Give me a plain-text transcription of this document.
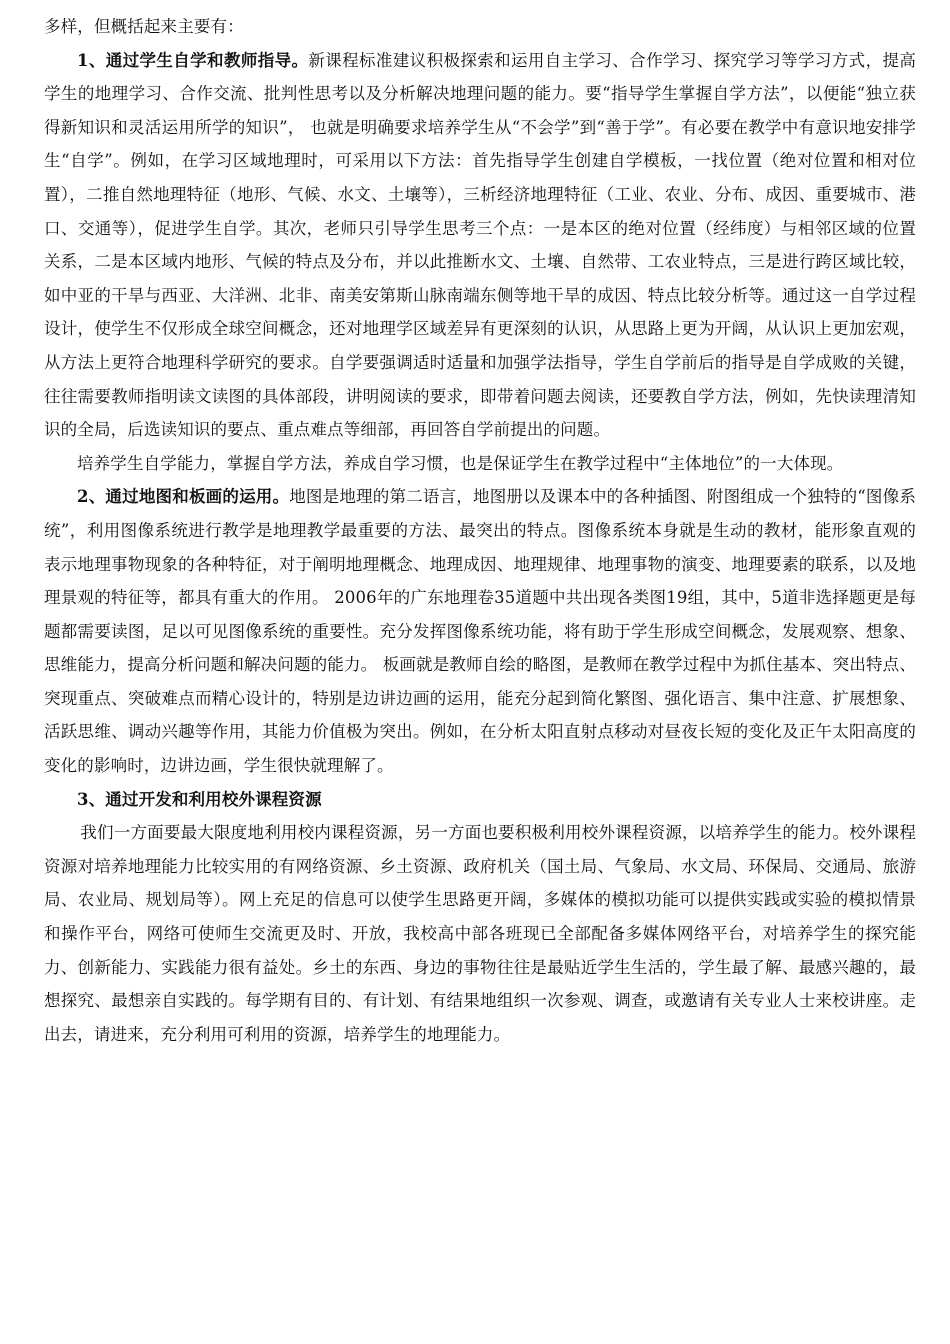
多样，但概括起来主要有：

1、通过学生自学和教师指导。新课程标准建议积极探索和运用自主学习、合作学习、探究学习等学习方式，提高学生的地理学习、合作交流、批判性思考以及分析解决地理问题的能力。要“指导学生掌握自学方法”，以便能“独立获得新知识和灵活运用所学的知识”， 也就是明确要求培养学生从“不会学”到“善于学”。有必要在教学中有意识地安排学生“自学”。例如，在学习区域地理时，可采用以下方法：首先指导学生创建自学模板，一找位置（绝对位置和相对位置），二推自然地理特征（地形、气候、水文、土壤等），三析经济地理特征（工业、农业、分布、成因、重要城市、港口、交通等），促进学生自学。其次，老师只引导学生思考三个点：一是本区的绝对位置（经纬度）与相邻区域的位置关系，二是本区域内地形、气候的特点及分布，并以此推断水文、土壤、自然带、工农业特点，三是进行跨区域比较，如中亚的干旱与西亚、大洋洲、北非、南美安第斯山脉南端东侧等地干旱的成因、特点比较分析等。通过这一自学过程设计，使学生不仅形成全球空间概念，还对地理学区域差异有更深刻的认识，从思路上更为开阔，从认识上更加宏观，从方法上更符合地理科学研究的要求。自学要强调适时适量和加强学法指导，学生自学前后的指导是自学成败的关键，往往需要教师指明读文读图的具体部段，讲明阅读的要求，即带着问题去阅读，还要教自学方法，例如，先快读理清知识的全局，后选读知识的要点、重点难点等细部，再回答自学前提出的问题。

培养学生自学能力，掌握自学方法，养成自学习惯，也是保证学生在教学过程中“主体地位”的一大体现。

2、通过地图和板画的运用。地图是地理的第二语言，地图册以及课本中的各种插图、附图组成一个独特的“图像系统”，利用图像系统进行教学是地理教学最重要的方法、最突出的特点。图像系统本身就是生动的教材，能形象直观的表示地理事物现象的各种特征，对于阐明地理概念、地理成因、地理规律、地理事物的演变、地理要素的联系，以及地理景观的特征等，都具有重大的作用。 2006年的广东地理卷35道题中共出现各类图19组，其中，5道非选择题更是每题都需要读图，足以可见图像系统的重要性。充分发挥图像系统功能，将有助于学生形成空间概念，发展观察、想象、思维能力，提高分析问题和解决问题的能力。 板画就是教师自绘的略图，是教师在教学过程中为抓住基本、突出特点、突现重点、突破难点而精心设计的，特别是边讲边画的运用，能充分起到简化繁图、强化语言、集中注意、扩展想象、活跃思维、调动兴趣等作用，其能力价值极为突出。例如，在分析太阳直射点移动对昼夜长短的变化及正午太阳高度的变化的影响时，边讲边画，学生很快就理解了。

3、通过开发和利用校外课程资源

我们一方面要最大限度地利用校内课程资源，另一方面也要积极利用校外课程资源，以培养学生的能力。校外课程资源对培养地理能力比较实用的有网络资源、乡土资源、政府机关（国土局、气象局、水文局、环保局、交通局、旅游局、农业局、规划局等）。网上充足的信息可以使学生思路更开阔，多媒体的模拟功能可以提供实践或实验的模拟情景和操作平台，网络可使师生交流更及时、开放，我校高中部各班现已全部配备多媒体网络平台，对培养学生的探究能力、创新能力、实践能力很有益处。乡土的东西、身边的事物往往是最贴近学生生活的，学生最了解、最感兴趣的，最想探究、最想亲自实践的。每学期有目的、有计划、有结果地组织一次参观、调查，或邀请有关专业人士来校讲座。走出去，请进来，充分利用可利用的资源，培养学生的地理能力。
